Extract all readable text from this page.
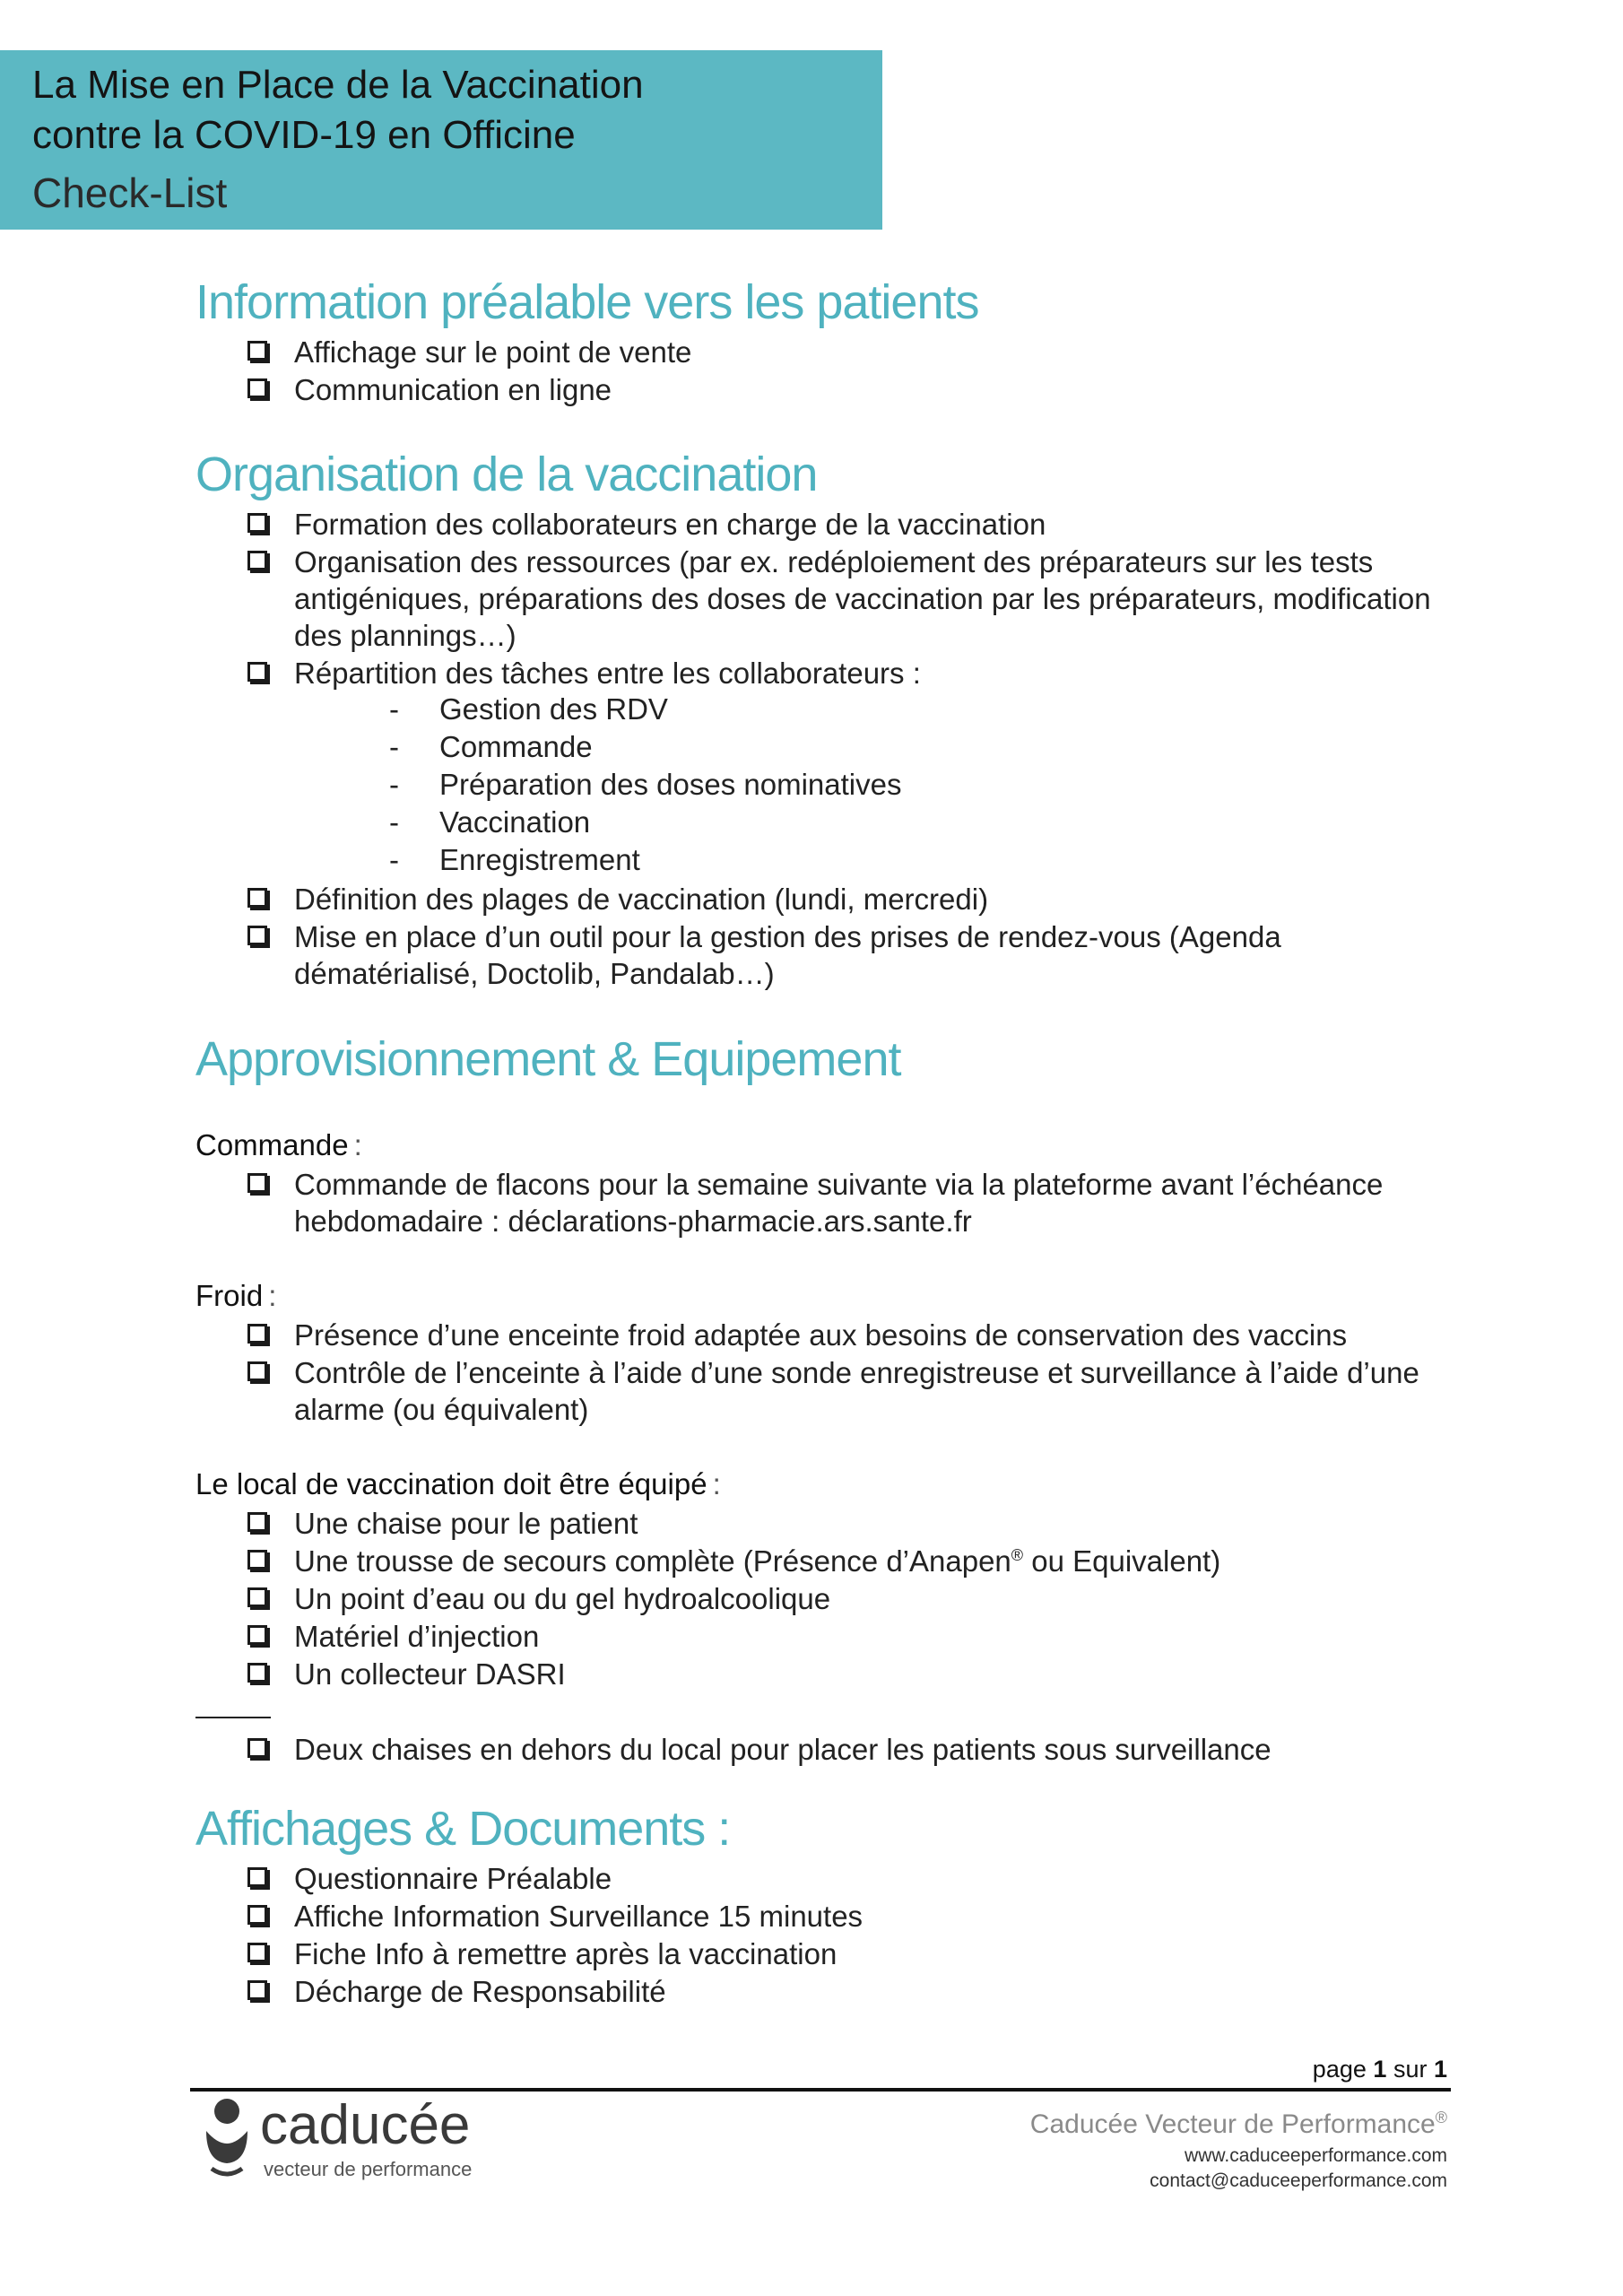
La Mise en Place de la Vaccination
contre la COVID-19 en Officine
Check-List
Information préalable vers les patients
Affichage sur le point de vente
Communication en ligne
Organisation de la vaccination
Formation des collaborateurs en charge de la vaccination
Organisation des ressources (par ex. redéploiement des préparateurs sur les tests antigéniques, préparations des doses de vaccination par les préparateurs, modification des plannings…)
Répartition des tâches entre les collaborateurs :
- Gestion des RDV
- Commande
- Préparation des doses nominatives
- Vaccination
- Enregistrement
Définition des plages de vaccination (lundi, mercredi)
Mise en place d’un outil pour la gestion des prises de rendez-vous (Agenda dématérialisé, Doctolib, Pandalab…)
Approvisionnement & Equipement
Commande :
Commande de flacons pour la semaine suivante via la plateforme avant l’échéance hebdomadaire : déclarations-pharmacie.ars.sante.fr
Froid :
Présence d’une enceinte froid adaptée aux besoins de conservation des vaccins
Contrôle de l’enceinte à l’aide d’une sonde enregistreuse et surveillance à l’aide d’une alarme (ou équivalent)
Le local de vaccination doit être équipé :
Une chaise pour le patient
Une trousse de secours complète (Présence d’Anapen® ou Equivalent)
Un point d’eau ou du gel hydroalcoolique
Matériel d’injection
Un collecteur DASRI
Deux chaises en dehors du local pour placer les patients sous surveillance
Affichages & Documents :
Questionnaire Préalable
Affiche Information Surveillance 15 minutes
Fiche Info à remettre après la vaccination
Décharge de Responsabilité
page 1 sur 1
caducée
vecteur de performance
Caducée Vecteur de Performance®
www.caduceeperformance.com
contact@caduceeperformance.com
